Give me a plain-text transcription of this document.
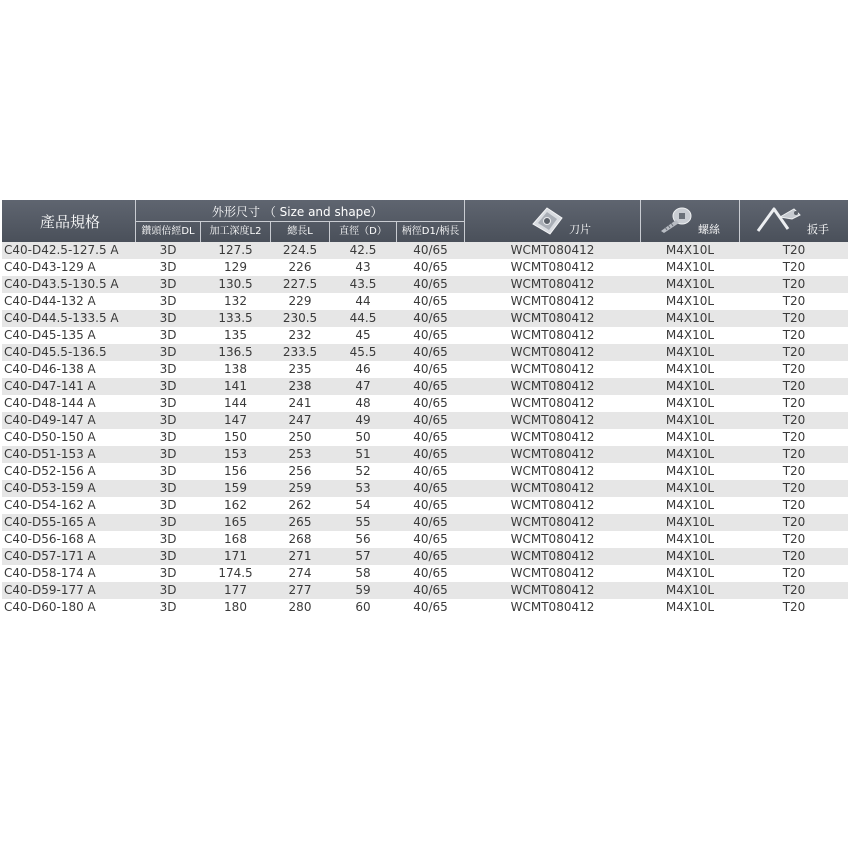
產品規格
外形尺寸 （ Size and shape）
鑽頭倍經DL	加工深度L2	總長L	直徑（D）	柄徑D1/柄長	刀片	螺絲	扳手
C40-D42.5-127.5 A	3D	127.5	224.5	42.5	40/65	WCMT080412	M4X10L	T20
C40-D43-129 A	3D	129	226	43	40/65	WCMT080412	M4X10L	T20
C40-D43.5-130.5 A	3D	130.5	227.5	43.5	40/65	WCMT080412	M4X10L	T20
C40-D44-132 A	3D	132	229	44	40/65	WCMT080412	M4X10L	T20
C40-D44.5-133.5 A	3D	133.5	230.5	44.5	40/65	WCMT080412	M4X10L	T20
C40-D45-135 A	3D	135	232	45	40/65	WCMT080412	M4X10L	T20
C40-D45.5-136.5	3D	136.5	233.5	45.5	40/65	WCMT080412	M4X10L	T20
C40-D46-138 A	3D	138	235	46	40/65	WCMT080412	M4X10L	T20
C40-D47-141 A	3D	141	238	47	40/65	WCMT080412	M4X10L	T20
C40-D48-144 A	3D	144	241	48	40/65	WCMT080412	M4X10L	T20
C40-D49-147 A	3D	147	247	49	40/65	WCMT080412	M4X10L	T20
C40-D50-150 A	3D	150	250	50	40/65	WCMT080412	M4X10L	T20
C40-D51-153 A	3D	153	253	51	40/65	WCMT080412	M4X10L	T20
C40-D52-156 A	3D	156	256	52	40/65	WCMT080412	M4X10L	T20
C40-D53-159 A	3D	159	259	53	40/65	WCMT080412	M4X10L	T20
C40-D54-162 A	3D	162	262	54	40/65	WCMT080412	M4X10L	T20
C40-D55-165 A	3D	165	265	55	40/65	WCMT080412	M4X10L	T20
C40-D56-168 A	3D	168	268	56	40/65	WCMT080412	M4X10L	T20
C40-D57-171 A	3D	171	271	57	40/65	WCMT080412	M4X10L	T20
C40-D58-174 A	3D	174.5	274	58	40/65	WCMT080412	M4X10L	T20
C40-D59-177 A	3D	177	277	59	40/65	WCMT080412	M4X10L	T20
C40-D60-180 A	3D	180	280	60	40/65	WCMT080412	M4X10L	T20
